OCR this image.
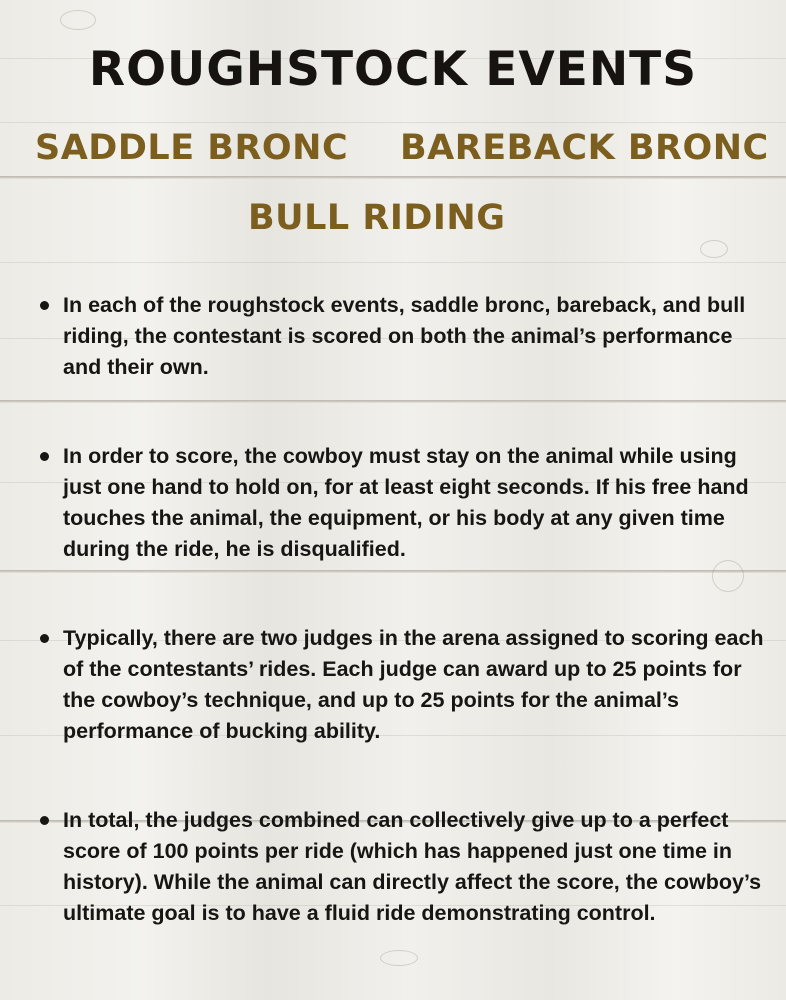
ROUGHSTOCK EVENTS
SADDLE BRONC BAREBACK BRONC
BULL RIDING
In each of the roughstock events, saddle bronc, bareback, and bull riding, the contestant is scored on both the animal’s performance and their own.
In order to score, the cowboy must stay on the animal while using just one hand to hold on, for at least eight seconds. If his free hand touches the animal, the equipment, or his body at any given time during the ride, he is disqualified.
Typically, there are two judges in the arena assigned to scoring each of the contestants’ rides. Each judge can award up to 25 points for the cowboy’s technique, and up to 25 points for the animal’s performance of bucking ability.
In total, the judges combined can collectively give up to a perfect score of 100 points per ride (which has happened just one time in history). While the animal can directly affect the score, the cowboy’s ultimate goal is to have a fluid ride demonstrating control.
